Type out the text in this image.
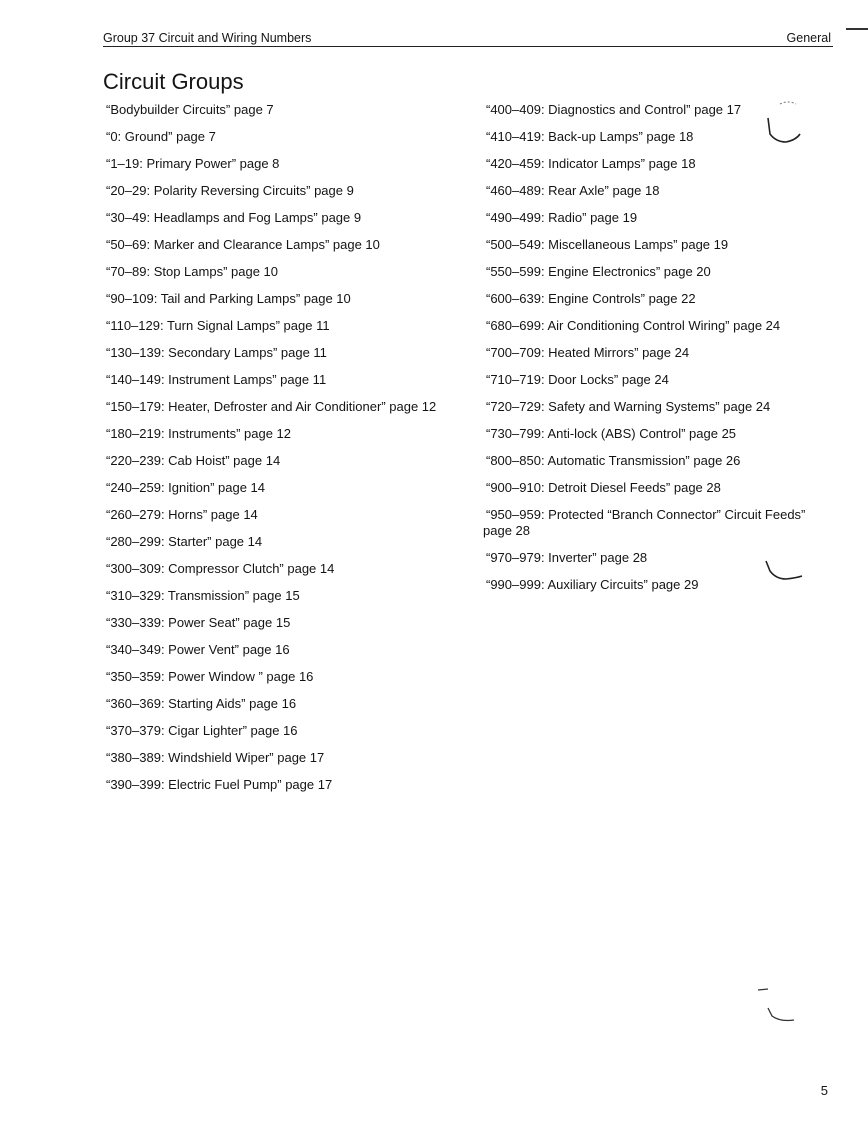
Group 37 Circuit and Wiring Numbers	General
Circuit Groups
“Bodybuilder Circuits” page 7
“0: Ground” page 7
“1–19: Primary Power” page 8
“20–29: Polarity Reversing Circuits” page 9
“30–49: Headlamps and Fog Lamps” page 9
“50–69: Marker and Clearance Lamps” page 10
“70–89: Stop Lamps” page 10
“90–109: Tail and Parking Lamps” page 10
“110–129: Turn Signal Lamps” page 11
“130–139: Secondary Lamps” page 11
“140–149: Instrument Lamps” page 11
“150–179: Heater, Defroster and Air Conditioner” page 12
“180–219: Instruments” page 12
“220–239: Cab Hoist” page 14
“240–259: Ignition” page 14
“260–279: Horns” page 14
“280–299: Starter” page 14
“300–309: Compressor Clutch” page 14
“310–329: Transmission” page 15
“330–339: Power Seat” page 15
“340–349: Power Vent” page 16
“350–359: Power Window ” page 16
“360–369: Starting Aids” page 16
“370–379: Cigar Lighter” page 16
“380–389: Windshield Wiper” page 17
“390–399: Electric Fuel Pump” page 17
“400–409: Diagnostics and Control” page 17
“410–419: Back-up Lamps” page 18
“420–459: Indicator Lamps” page 18
“460–489: Rear Axle” page 18
“490–499: Radio” page 19
“500–549: Miscellaneous Lamps” page 19
“550–599: Engine Electronics” page 20
“600–639: Engine Controls” page 22
“680–699: Air Conditioning Control Wiring” page 24
“700–709: Heated Mirrors” page 24
“710–719: Door Locks” page 24
“720–729: Safety and Warning Systems” page 24
“730–799: Anti-lock (ABS) Control” page 25
“800–850: Automatic Transmission” page 26
“900–910: Detroit Diesel Feeds” page 28
“950–959: Protected “Branch Connector” Circuit Feeds” page 28
“970–979: Inverter” page 28
“990–999: Auxiliary Circuits” page 29
5
